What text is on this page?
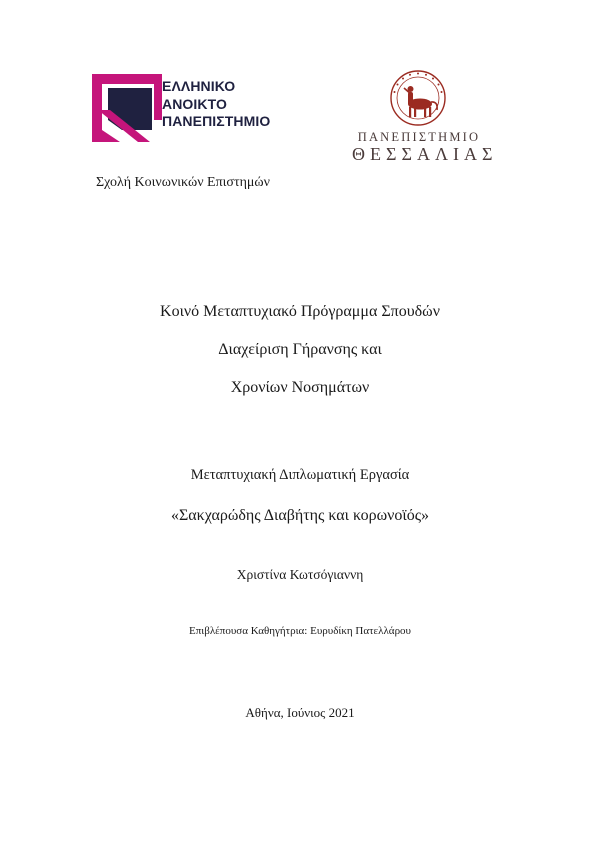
ΕΛΛΗΝΙΚΟ
ΑΝΟΙΚΤΟ
ΠΑΝΕΠΙΣΤΗΜΙΟ
ΠΑΝΕΠΙΣΤΗΜΙΟ
ΘΕΣΣΑΛΙΑΣ
Σχολή Κοινωνικών Επιστημών
Κοινό Μεταπτυχιακό Πρόγραμμα Σπουδών
Διαχείριση Γήρανσης και
Χρονίων Νοσημάτων
Μεταπτυχιακή Διπλωματική Εργασία
«Σακχαρώδης Διαβήτης και κορωνοϊός»
Χριστίνα Κωτσόγιαννη
Επιβλέπουσα Καθηγήτρια: Ευρυδίκη Πατελλάρου
Αθήνα, Ιούνιος 2021
